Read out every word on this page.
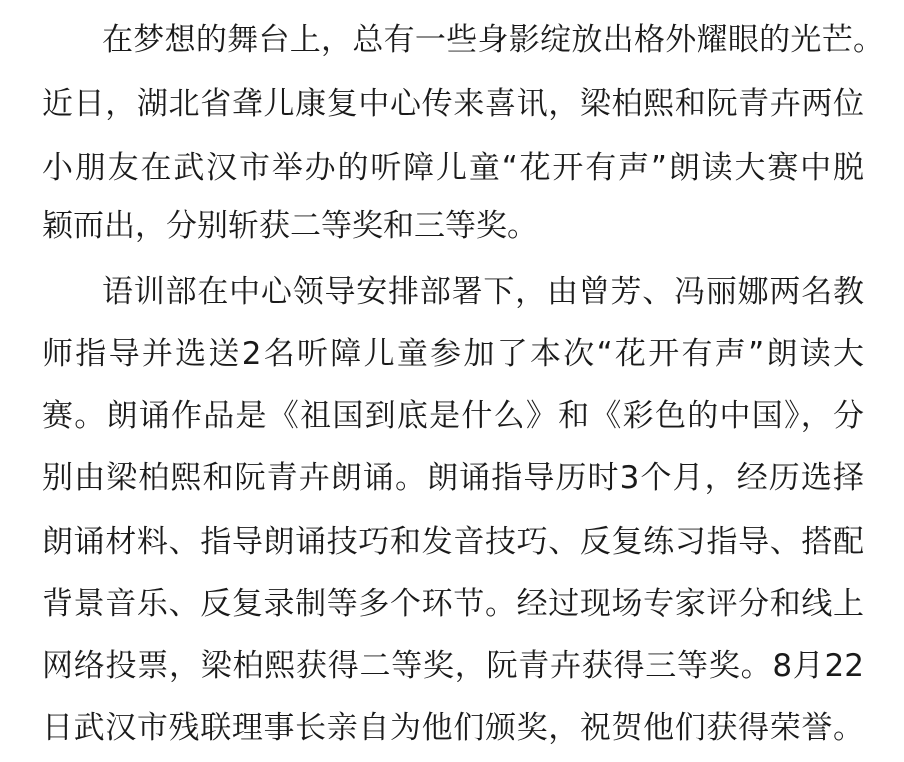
在梦想的舞台上，总有一些身影绽放出格外耀眼的光芒。

近日，湖北省聋儿康复中心传来喜讯，梁柏熙和阮青卉两位

小朋友在武汉市举办的听障儿童“花开有声”朗读大赛中脱

颖而出，分别斩获二等奖和三等奖。

语训部在中心领导安排部署下，由曾芳、冯丽娜两名教

师指导并选送2名听障儿童参加了本次“花开有声”朗读大

赛。朗诵作品是《祖国到底是什么》和《彩色的中国》，分

别由梁柏熙和阮青卉朗诵。朗诵指导历时3个月，经历选择

朗诵材料、指导朗诵技巧和发音技巧、反复练习指导、搭配

背景音乐、反复录制等多个环节。经过现场专家评分和线上

网络投票，梁柏熙获得二等奖，阮青卉获得三等奖。8月22

日武汉市残联理事长亲自为他们颁奖，祝贺他们获得荣誉。
